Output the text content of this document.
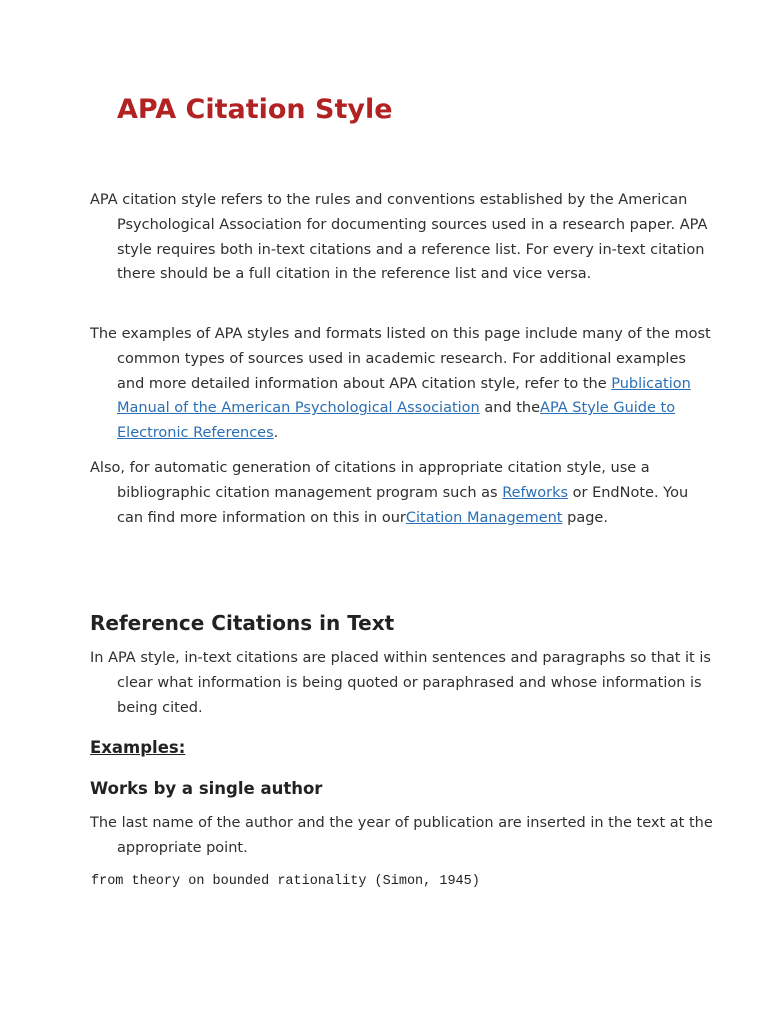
APA Citation Style

APA citation style refers to the rules and conventions established by the American Psychological Association for documenting sources used in a research paper. APA style requires both in-text citations and a reference list. For every in-text citation there should be a full citation in the reference list and vice versa.

The examples of APA styles and formats listed on this page include many of the most common types of sources used in academic research. For additional examples and more detailed information about APA citation style, refer to the Publication Manual of the American Psychological Association and theAPA Style Guide to Electronic References.

Also, for automatic generation of citations in appropriate citation style, use a bibliographic citation management program such as Refworks or EndNote. You can find more information on this in ourCitation Management page.

Reference Citations in Text

In APA style, in-text citations are placed within sentences and paragraphs so that it is clear what information is being quoted or paraphrased and whose information is being cited.

Examples:
Works by a single author

The last name of the author and the year of publication are inserted in the text at the appropriate point.

from theory on bounded rationality (Simon, 1945)
